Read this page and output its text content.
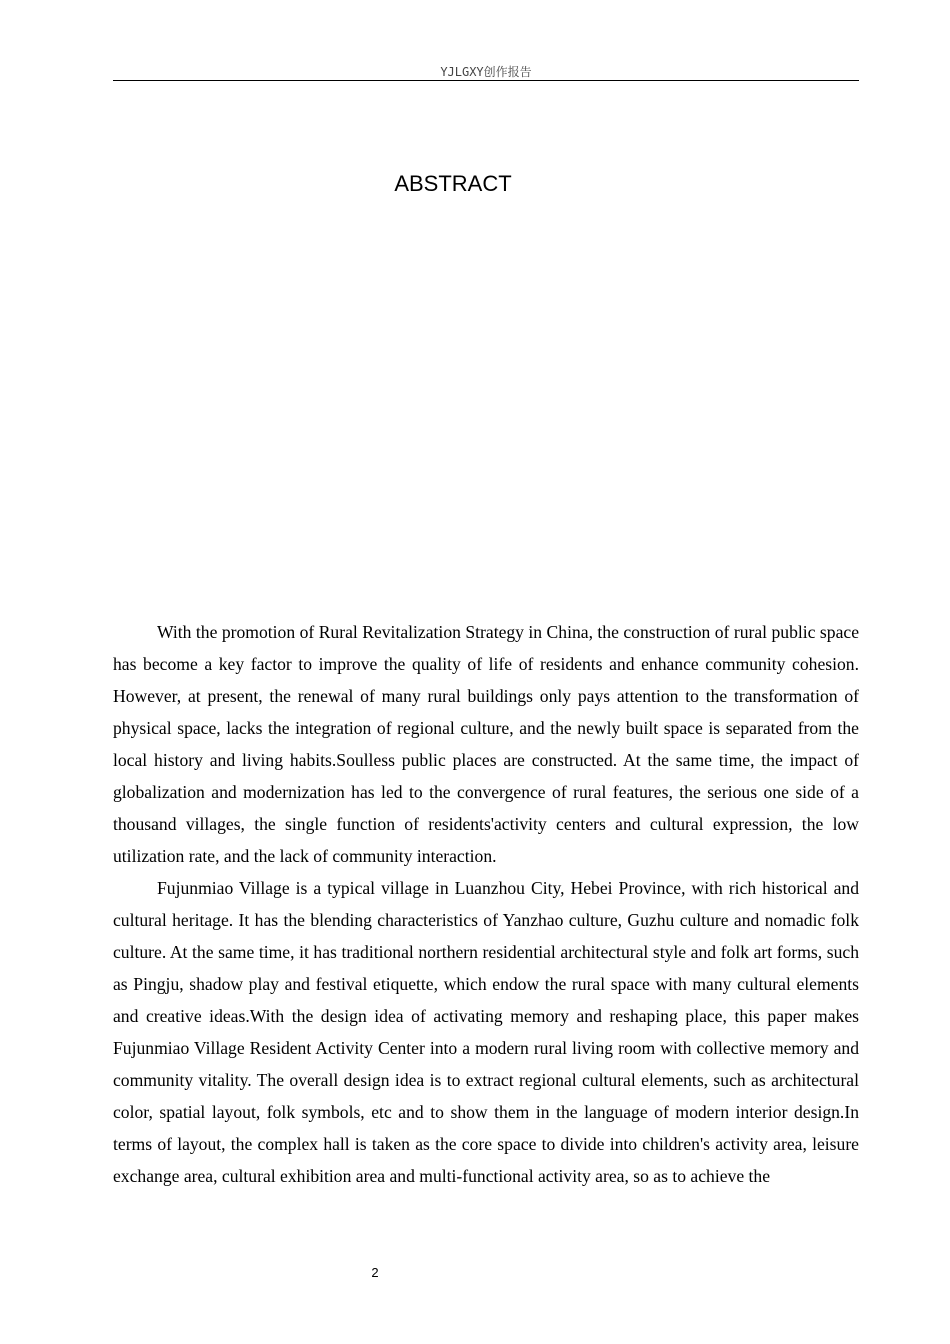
YJLGXY创作报告
ABSTRACT

With the promotion of Rural Revitalization Strategy in China, the construction of rural public space has become a key factor to improve the quality of life of residents and enhance community cohesion. However, at present, the renewal of many rural buildings only pays attention to the transformation of physical space, lacks the integration of regional culture, and the newly built space is separated from the local history and living habits.Soulless public places are constructed. At the same time, the impact of globalization and modernization has led to the convergence of rural features, the serious one side of a thousand villages, the single function of residents'activity centers and cultural expression, the low utilization rate, and the lack of community interaction.

Fujunmiao Village is a typical village in Luanzhou City, Hebei Province, with rich historical and cultural heritage. It has the blending characteristics of Yanzhao culture, Guzhu culture and nomadic folk culture. At the same time, it has traditional northern residential architectural style and folk art forms, such as Pingju, shadow play and festival etiquette, which endow the rural space with many cultural elements and creative ideas.With the design idea of activating memory and reshaping place, this paper makes Fujunmiao Village Resident Activity Center into a modern rural living room with collective memory and community vitality. The overall design idea is to extract regional cultural elements, such as architectural color, spatial layout, folk symbols, etc and to show them in the language of modern interior design.In terms of layout, the complex hall is taken as the core space to divide into children's activity area, leisure exchange area, cultural exhibition area and multi-functional activity area, so as to achieve the

2
